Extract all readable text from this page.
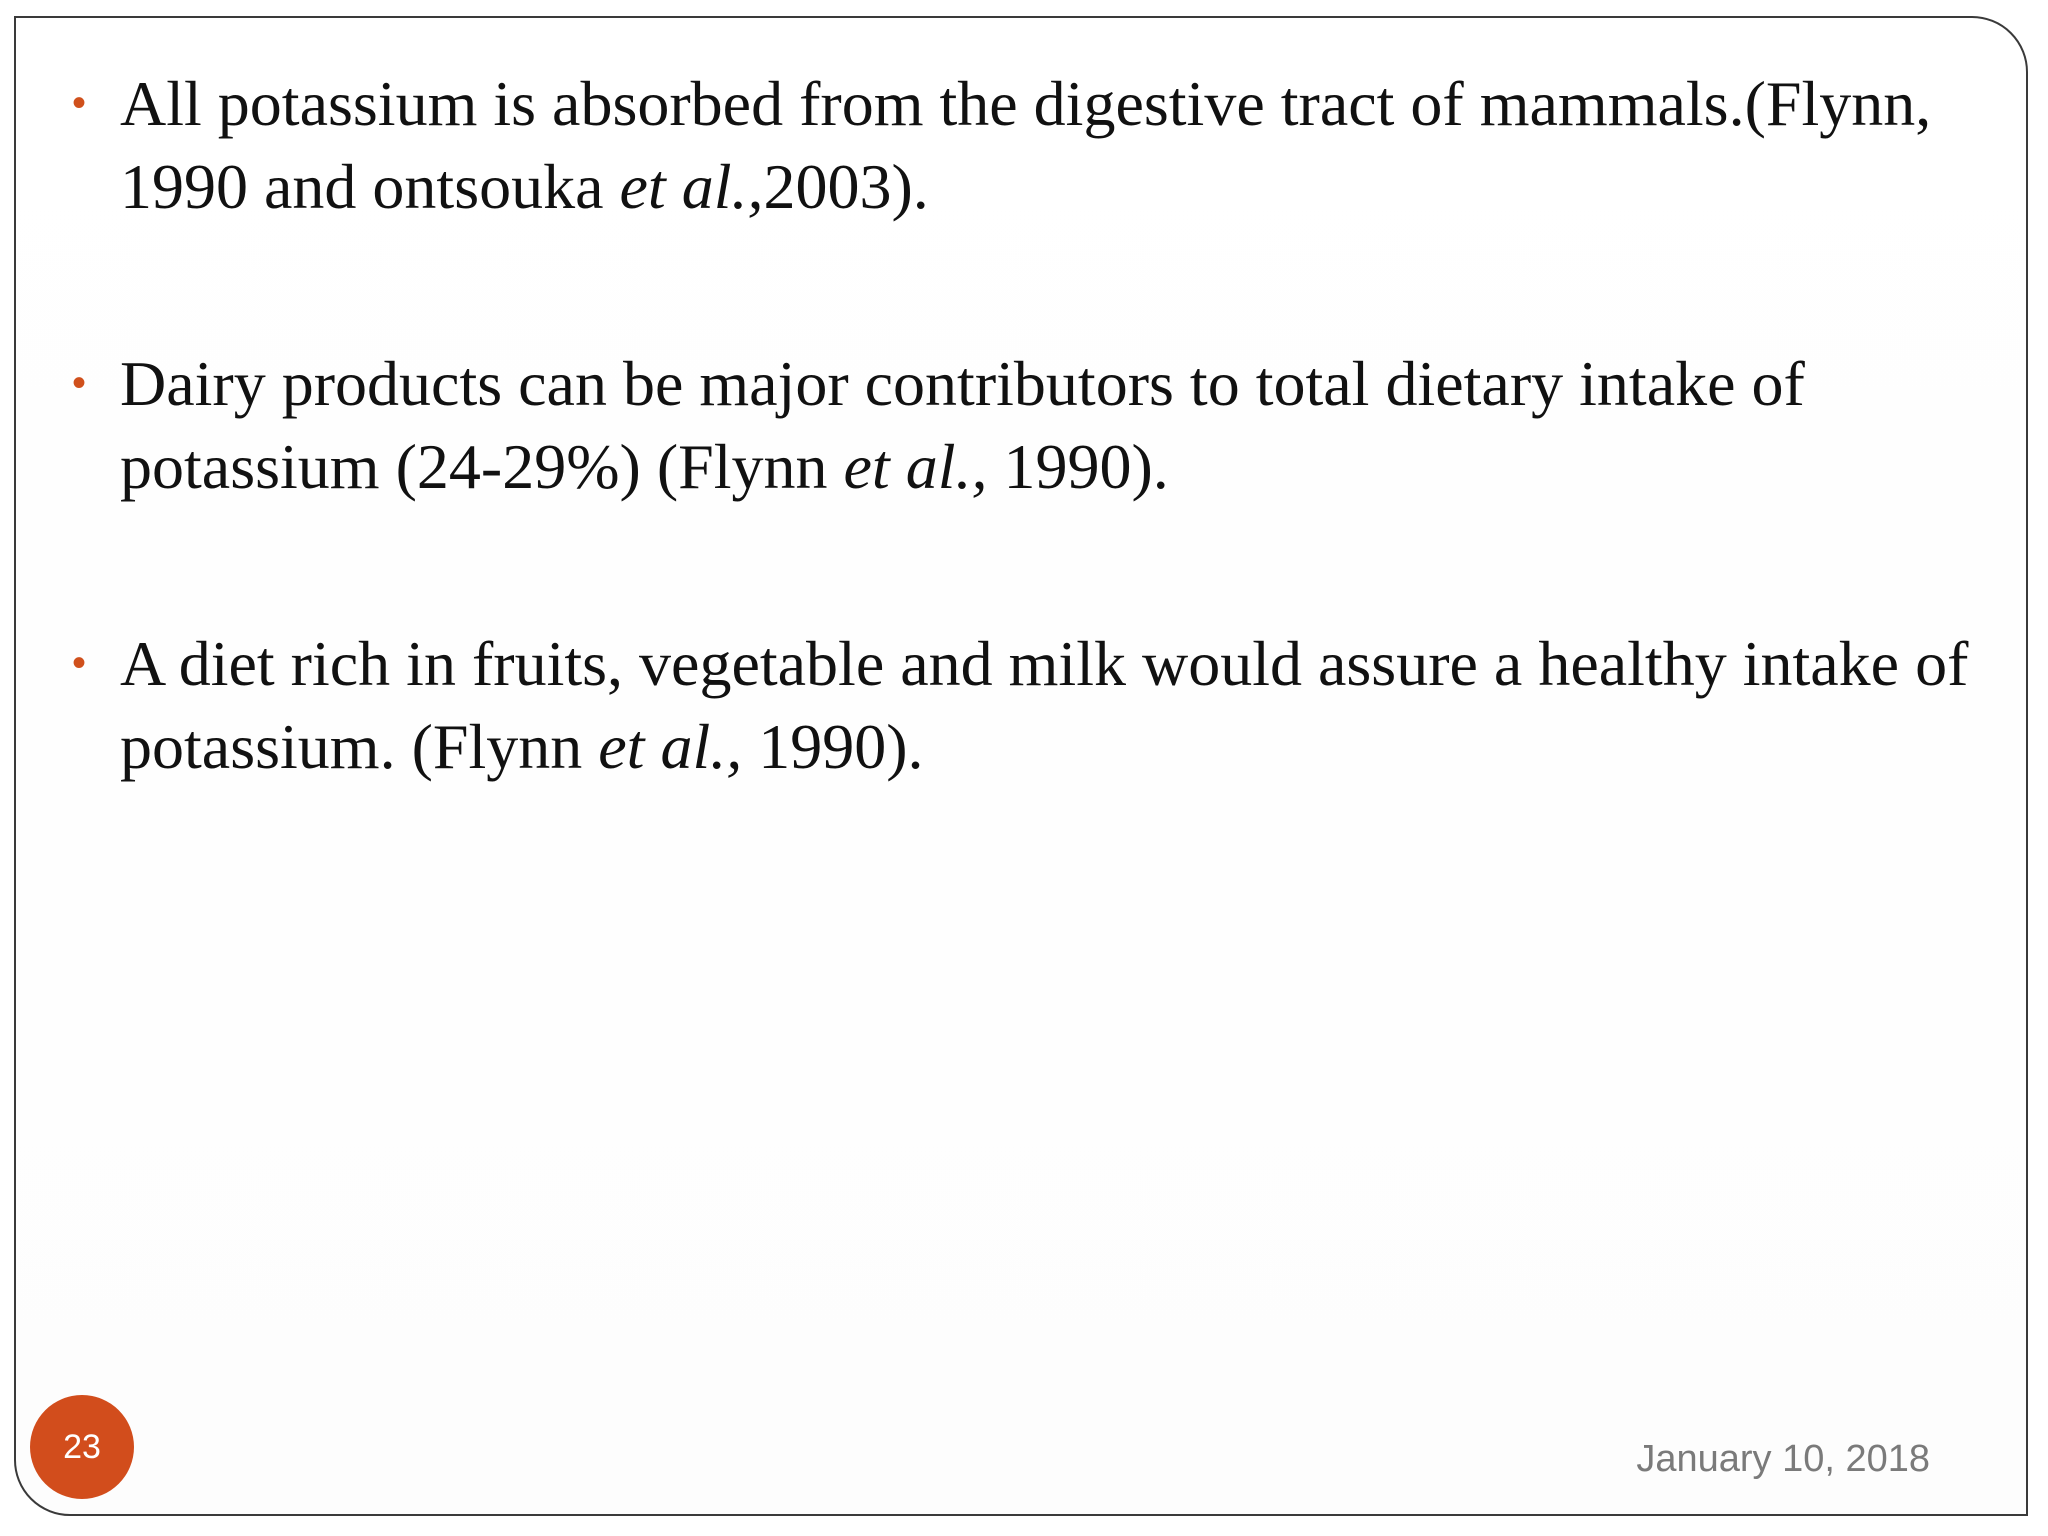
• All potassium is absorbed from the digestive tract of mammals.(Flynn, 1990 and ontsouka et al.,2003).
• Dairy products can be major contributors to total dietary intake of potassium (24-29%) (Flynn et al., 1990).
• A diet rich in fruits, vegetable and milk would assure a healthy intake of potassium. (Flynn et al., 1990).
January 10, 2018
23
